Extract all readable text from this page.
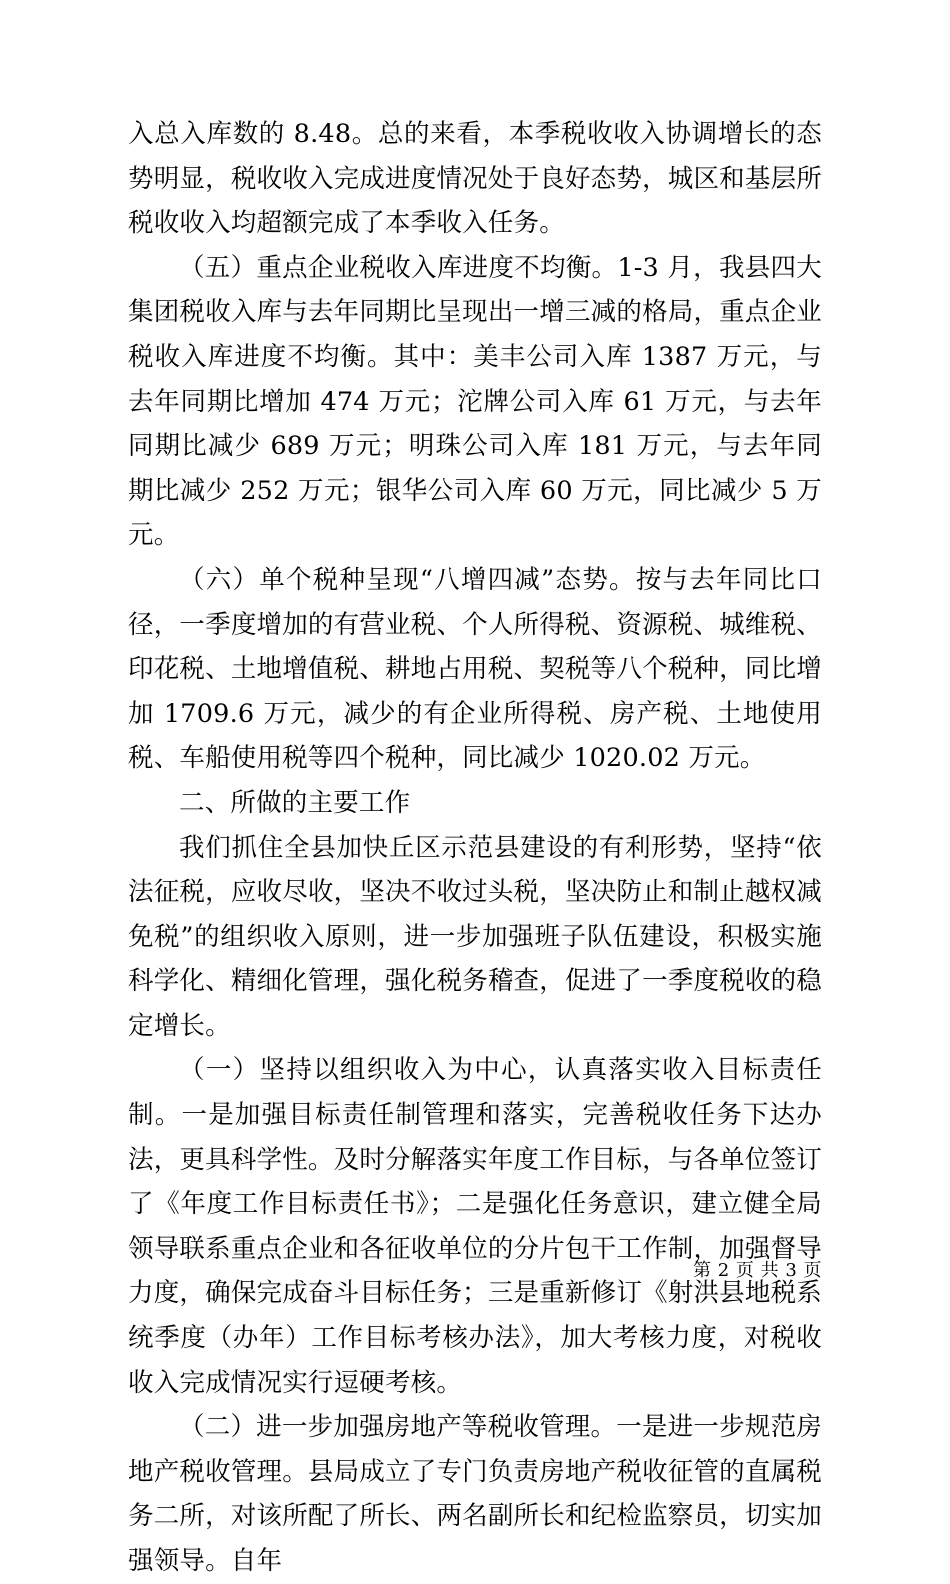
入总入库数的 8.48。总的来看，本季税收收入协调增长的态势明显，税收收入完成进度情况处于良好态势，城区和基层所税收收入均超额完成了本季收入任务。

（五）重点企业税收入库进度不均衡。1-3 月，我县四大集团税收入库与去年同期比呈现出一增三减的格局，重点企业税收入库进度不均衡。其中：美丰公司入库 1387 万元，与去年同期比增加 474 万元；沱牌公司入库 61 万元，与去年同期比减少 689 万元；明珠公司入库 181 万元，与去年同期比减少 252 万元；银华公司入库 60 万元，同比减少 5 万元。

（六）单个税种呈现“八增四减”态势。按与去年同比口径，一季度增加的有营业税、个人所得税、资源税、城维税、印花税、土地增值税、耕地占用税、契税等八个税种，同比增加 1709.6 万元，减少的有企业所得税、房产税、土地使用税、车船使用税等四个税种，同比减少 1020.02 万元。

二、所做的主要工作

我们抓住全县加快丘区示范县建设的有利形势，坚持“依法征税，应收尽收，坚决不收过头税，坚决防止和制止越权减免税”的组织收入原则，进一步加强班子队伍建设，积极实施科学化、精细化管理，强化税务稽查，促进了一季度税收的稳定增长。

（一）坚持以组织收入为中心，认真落实收入目标责任制。一是加强目标责任制管理和落实，完善税收任务下达办法，更具科学性。及时分解落实年度工作目标，与各单位签订了《年度工作目标责任书》；二是强化任务意识，建立健全局领导联系重点企业和各征收单位的分片包干工作制，加强督导力度，确保完成奋斗目标任务；三是重新修订《射洪县地税系统季度（办年）工作目标考核办法》，加大考核力度，对税收收入完成情况实行逗硬考核。

（二）进一步加强房地产等税收管理。一是进一步规范房地产税收管理。县局成立了专门负责房地产税收征管的直属税务二所，对该所配了所长、两名副所长和纪检监察员，切实加强领导。自年

第 2 页 共 3 页
